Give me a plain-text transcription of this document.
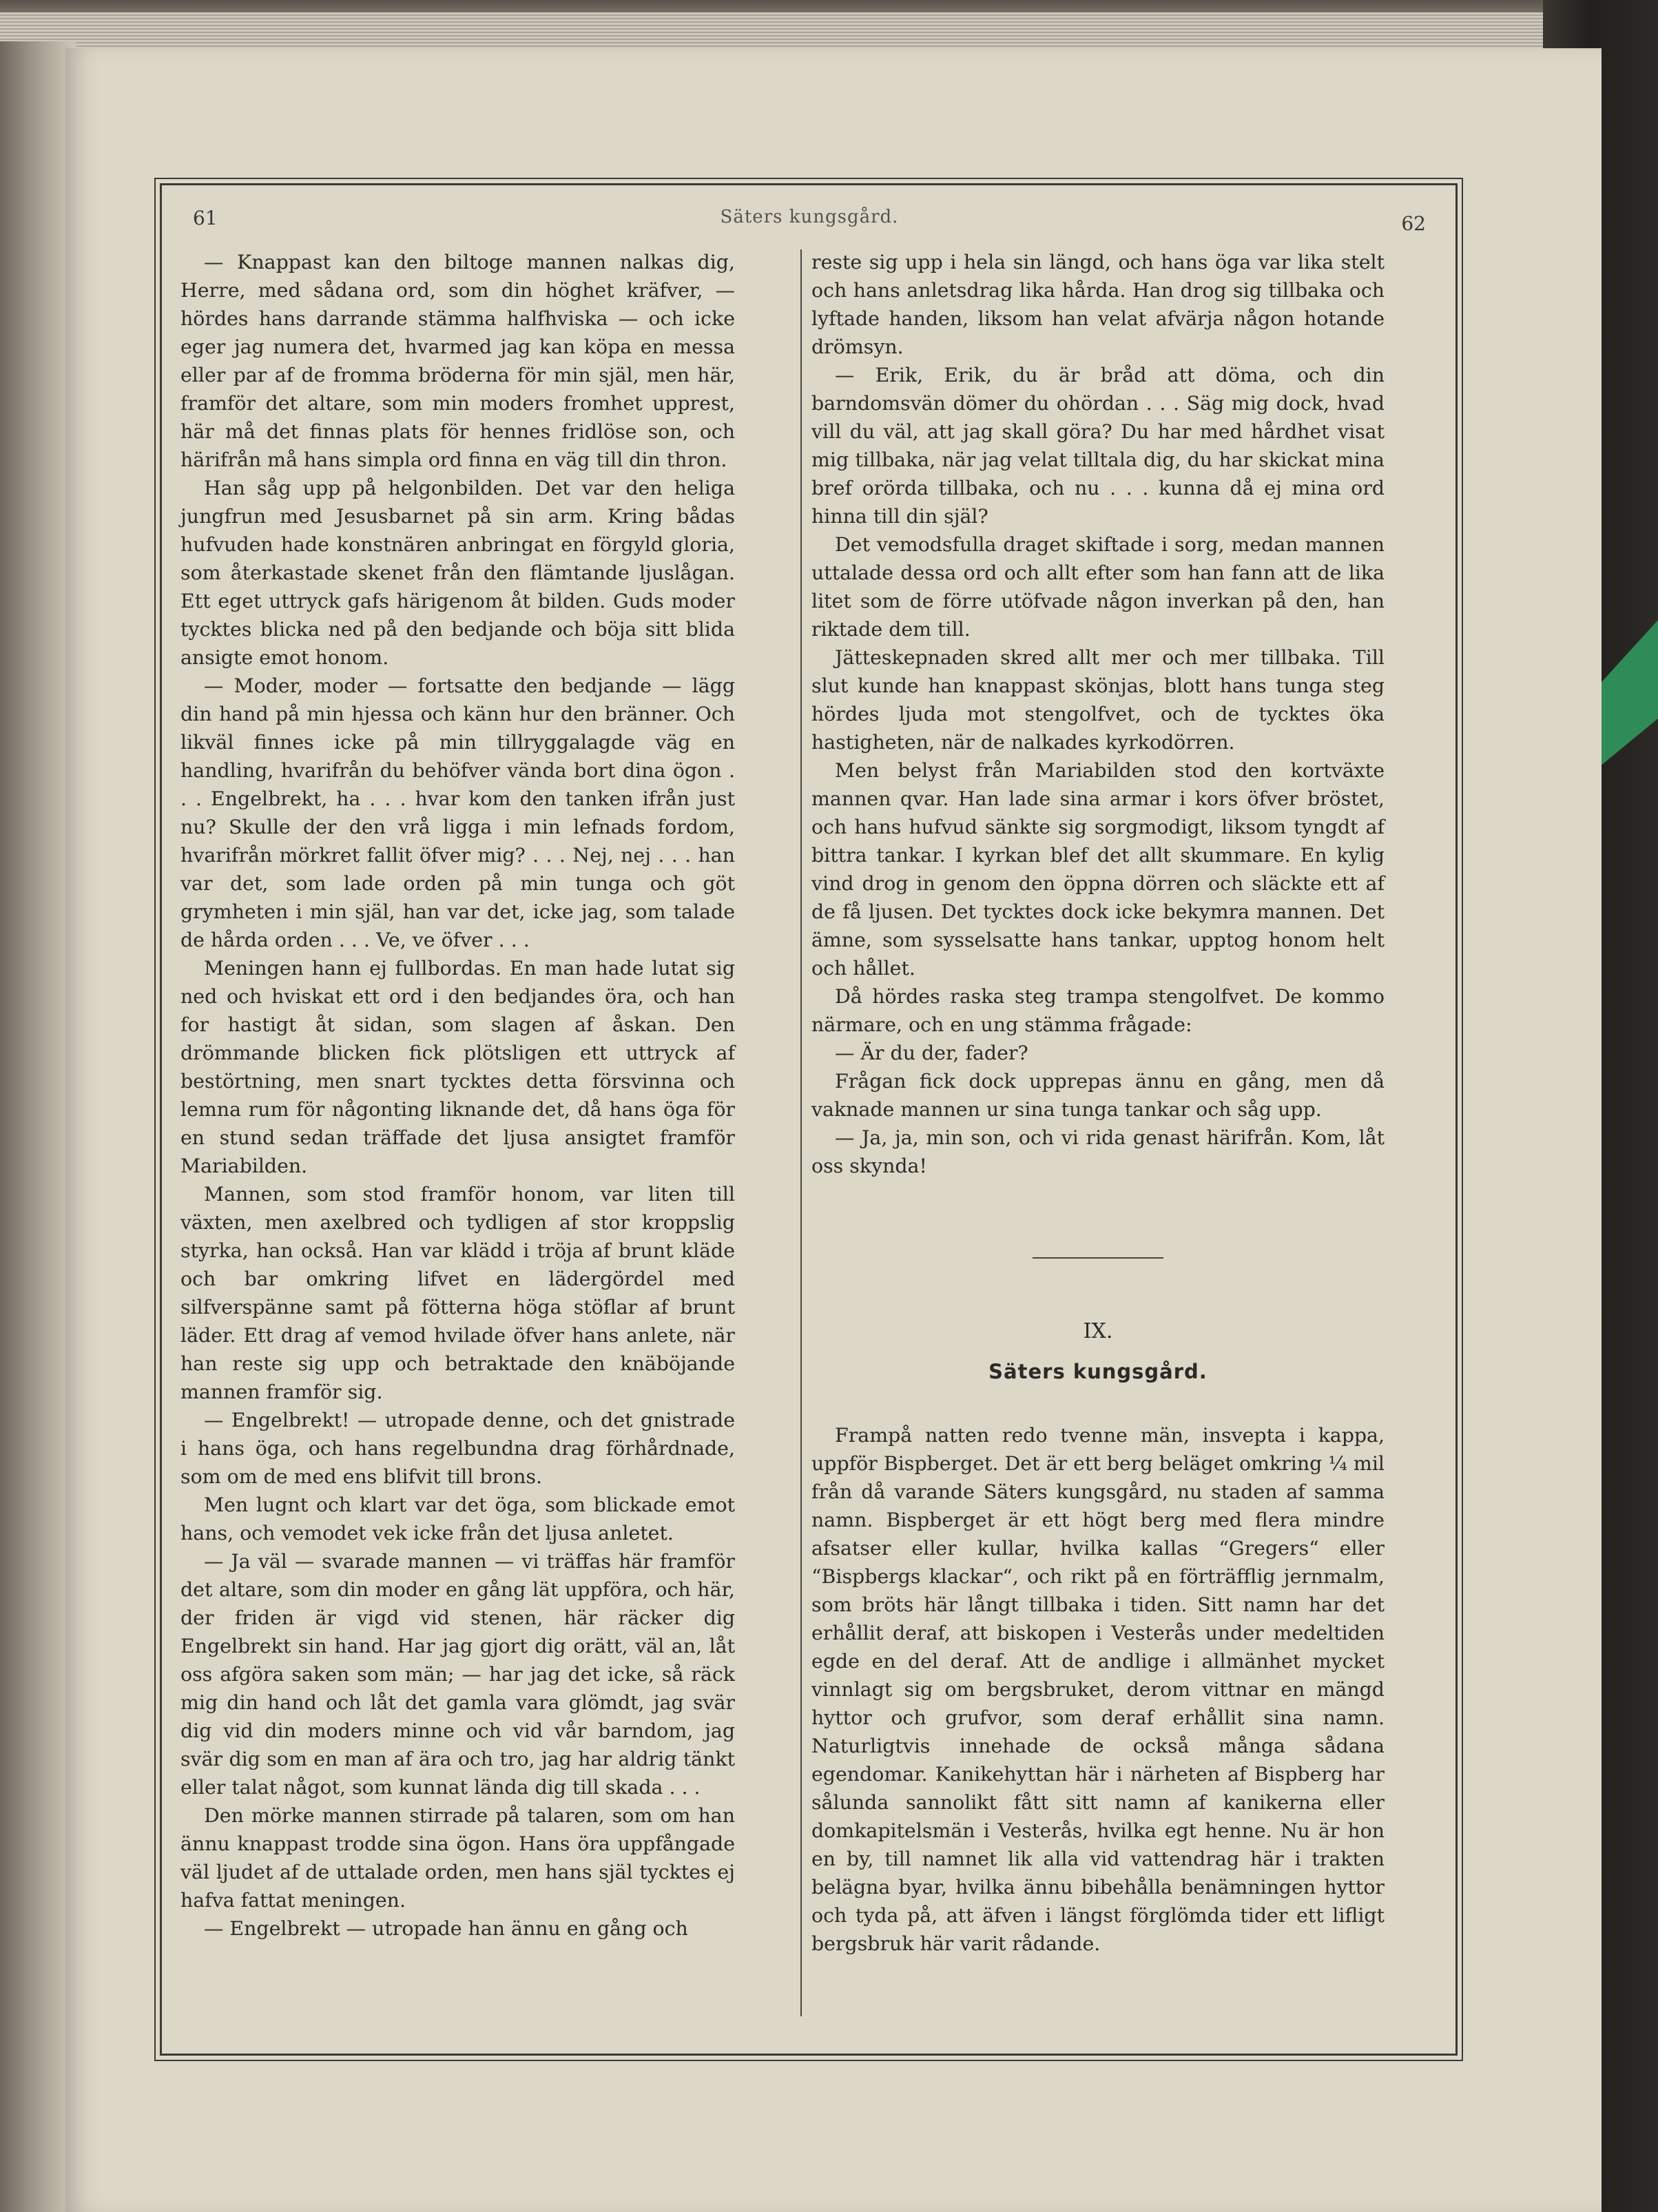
61	Säters kungsgård.	62

— Knappast kan den biltoge mannen nalkas dig, Herre, med sådana ord, som din höghet kräfver, — hördes hans darrande stämma halfhviska — och icke eger jag numera det, hvarmed jag kan köpa en messa eller par af de fromma bröderna för min själ, men här, framför det altare, som min moders fromhet upprest, här må det finnas plats för hennes fridlöse son, och härifrån må hans simpla ord finna en väg till din thron.

Han såg upp på helgonbilden. Det var den heliga jungfrun med Jesusbarnet på sin arm. Kring bådas hufvuden hade konstnären anbringat en förgyld gloria, som återkastade skenet från den flämtande ljuslågan. Ett eget uttryck gafs härigenom åt bilden. Guds moder tycktes blicka ned på den bedjande och böja sitt blida ansigte emot honom.

— Moder, moder — fortsatte den bedjande — lägg din hand på min hjessa och känn hur den bränner. Och likväl finnes icke på min tillryggalagde väg en handling, hvarifrån du behöfver vända bort dina ögon . . . Engelbrekt, ha . . . hvar kom den tanken ifrån just nu? Skulle der den vrå ligga i min lefnads fordom, hvarifrån mörkret fallit öfver mig? . . . Nej, nej . . . han var det, som lade orden på min tunga och göt grymheten i min själ, han var det, icke jag, som talade de hårda orden . . . Ve, ve öfver . . .

Meningen hann ej fullbordas. En man hade lutat sig ned och hviskat ett ord i den bedjandes öra, och han for hastigt åt sidan, som slagen af åskan. Den drömmande blicken fick plötsligen ett uttryck af bestörtning, men snart tycktes detta försvinna och lemna rum för någonting liknande det, då hans öga för en stund sedan träffade det ljusa ansigtet framför Mariabilden.

Mannen, som stod framför honom, var liten till växten, men axelbred och tydligen af stor kroppslig styrka, han också. Han var klädd i tröja af brunt kläde och bar omkring lifvet en lädergördel med silfverspänne samt på fötterna höga stöflar af brunt läder. Ett drag af vemod hvilade öfver hans anlete, när han reste sig upp och betraktade den knäböjande mannen framför sig.

— Engelbrekt! — utropade denne, och det gnistrade i hans öga, och hans regelbundna drag förhårdnade, som om de med ens blifvit till brons.

Men lugnt och klart var det öga, som blickade emot hans, och vemodet vek icke från det ljusa anletet.

— Ja väl — svarade mannen — vi träffas här framför det altare, som din moder en gång lät uppföra, och här, der friden är vigd vid stenen, här räcker dig Engelbrekt sin hand. Har jag gjort dig orätt, väl an, låt oss afgöra saken som män; — har jag det icke, så räck mig din hand och låt det gamla vara glömdt, jag svär dig vid din moders minne och vid vår barndom, jag svär dig som en man af ära och tro, jag har aldrig tänkt eller talat något, som kunnat lända dig till skada . . .

Den mörke mannen stirrade på talaren, som om han ännu knappast trodde sina ögon. Hans öra uppfångade väl ljudet af de uttalade orden, men hans själ tycktes ej hafva fattat meningen.

— Engelbrekt — utropade han ännu en gång och

reste sig upp i hela sin längd, och hans öga var lika stelt och hans anletsdrag lika hårda. Han drog sig tillbaka och lyftade handen, liksom han velat afvärja någon hotande drömsyn.

— Erik, Erik, du är bråd att döma, och din barndomsvän dömer du ohördan . . . Säg mig dock, hvad vill du väl, att jag skall göra? Du har med hårdhet visat mig tillbaka, när jag velat tilltala dig, du har skickat mina bref orörda tillbaka, och nu . . . kunna då ej mina ord hinna till din själ?

Det vemodsfulla draget skiftade i sorg, medan mannen uttalade dessa ord och allt efter som han fann att de lika litet som de förre utöfvade någon inverkan på den, han riktade dem till.

Jätteskepnaden skred allt mer och mer tillbaka. Till slut kunde han knappast skönjas, blott hans tunga steg hördes ljuda mot stengolfvet, och de tycktes öka hastigheten, när de nalkades kyrkodörren.

Men belyst från Mariabilden stod den kortväxte mannen qvar. Han lade sina armar i kors öfver bröstet, och hans hufvud sänkte sig sorgmodigt, liksom tyngdt af bittra tankar. I kyrkan blef det allt skummare. En kylig vind drog in genom den öppna dörren och släckte ett af de få ljusen. Det tycktes dock icke bekymra mannen. Det ämne, som sysselsatte hans tankar, upptog honom helt och hållet.

Då hördes raska steg trampa stengolfvet. De kommo närmare, och en ung stämma frågade:

— Är du der, fader?

Frågan fick dock upprepas ännu en gång, men då vaknade mannen ur sina tunga tankar och såg upp.

— Ja, ja, min son, och vi rida genast härifrån. Kom, låt oss skynda!

IX.
Säters kungsgård.

Frampå natten redo tvenne män, insvepta i kappa, uppför Bispberget. Det är ett berg beläget omkring ¼ mil från då varande Säters kungsgård, nu staden af samma namn. Bispberget är ett högt berg med flera mindre afsatser eller kullar, hvilka kallas “Gregers“ eller “Bispbergs klackar“, och rikt på en förträfflig jernmalm, som bröts här långt tillbaka i tiden. Sitt namn har det erhållit deraf, att biskopen i Vesterås under medeltiden egde en del deraf. Att de andlige i allmänhet mycket vinnlagt sig om bergsbruket, derom vittnar en mängd hyttor och grufvor, som deraf erhållit sina namn. Naturligtvis innehade de också många sådana egendomar. Kanikehyttan här i närheten af Bispberg har sålunda sannolikt fått sitt namn af kanikerna eller domkapitelsmän i Vesterås, hvilka egt henne. Nu är hon en by, till namnet lik alla vid vattendrag här i trakten belägna byar, hvilka ännu bibehålla benämningen hyttor och tyda på, att äfven i längst förglömda tider ett lifligt bergsbruk här varit rådande.
